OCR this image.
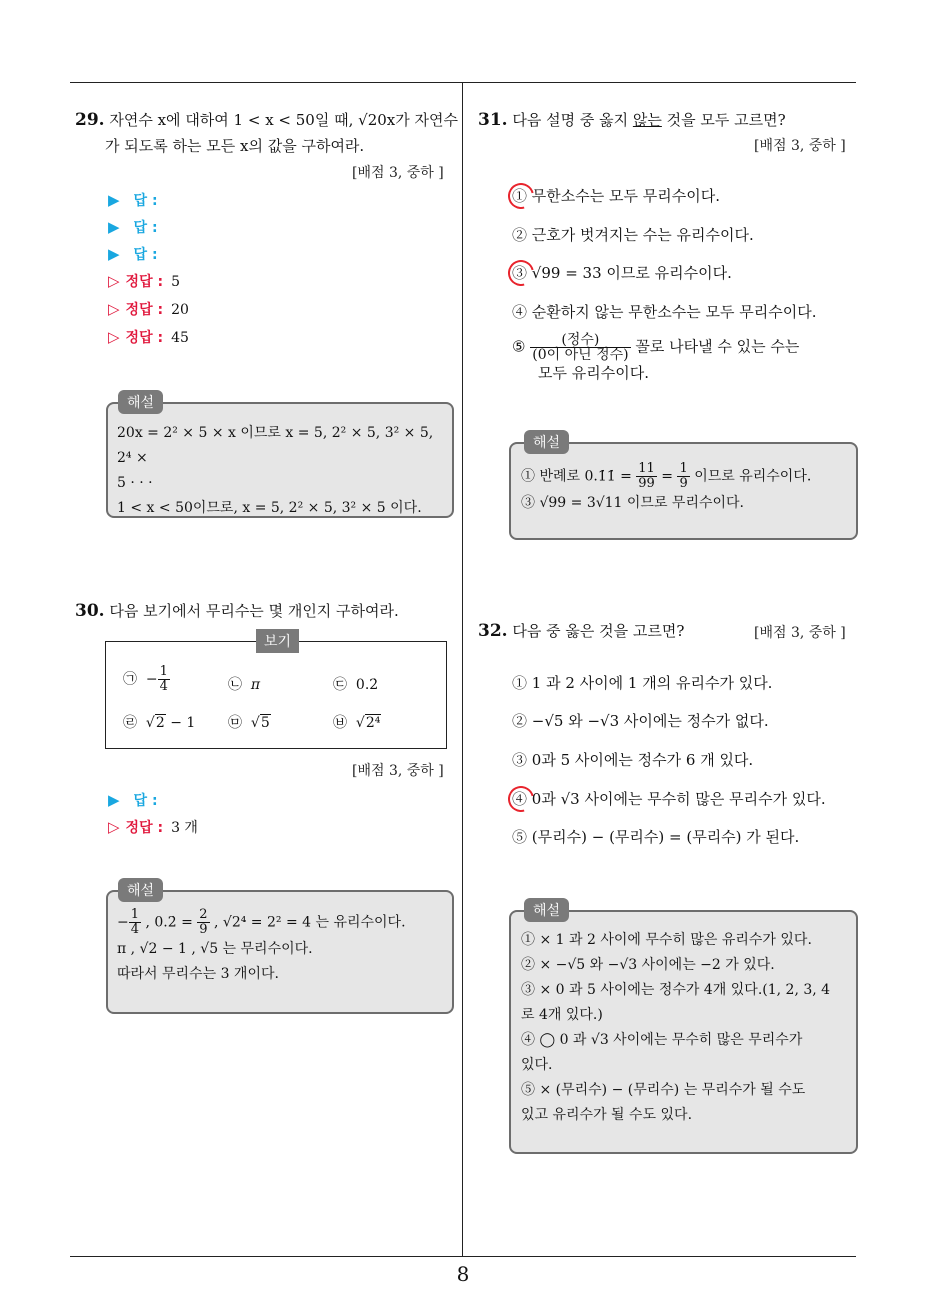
29. 자연수 x에 대하여 1 < x < 50일 때, √20x가 자연수
가 되도록 하는 모든 x의 값을 구하여라.
[배점 3, 중하 ]
▶ 답 :
▶ 답 :
▶ 답 :
▷ 정답 : 5
▷ 정답 : 20
▷ 정답 : 45
해설
20x = 2² × 5 × x 이므로 x = 5, 2² × 5, 3² × 5, 2⁴ ×
5 · · ·
1 < x < 50이므로, x = 5, 2² × 5, 3² × 5 이다.
30. 다음 보기에서 무리수는 몇 개인지 구하여라.
보기
㉠ − $\frac{1}{4}$	㉡ π	㉢ 0.2̇
㉣  √2 − 1 ㉤  √5	㉥  √2⁴
[배점 3, 중하 ]
▶ 답 :
▷ 정답 : 3 개
해설
− $\frac{1}{4}$ , 0.2̇ = $\frac{2}{9}$ , √2⁴ = 2² = 4 는 유리수이다.
π , √2 − 1 , √5 는 무리수이다.
따라서 무리수는 3 개이다.
31. 다음 설명 중 옳지 않는 것을 모두 고르면?
[배점 3, 중하 ]
① 무한소수는 모두 무리수이다.
② 근호가 벗겨지는 수는 유리수이다.
③ √99 = 33 이므로 유리수이다.
④ 순환하지 않는 무한소수는 모두 무리수이다.
⑤ $\frac{\text{(정수)}}{\text{(0이 아닌 정수)}}$ 꼴로 나타낼 수 있는 수는
모두 유리수이다.
해설
① 반례로 0.1̇1̇ = $\frac{11}{99} = \frac{1}{9}$ 이므로 유리수이다.
③ √99 = 3√11 이므로 무리수이다.
32. 다음 중 옳은 것을 고르면?	[배점 3, 중하 ]
① 1 과 2 사이에 1 개의 유리수가 있다.
② −√5 와 −√3 사이에는 정수가 없다.
③ 0과 5 사이에는 정수가 6 개 있다.
④ 0과 √3 사이에는 무수히 많은 무리수가 있다.
⑤ (무리수) − (무리수) = (무리수) 가 된다.
해설
① × 1 과 2 사이에 무수히 많은 유리수가 있다.
② × −√5 와 −√3 사이에는 −2 가 있다.
③ × 0 과 5 사이에는 정수가 4개 있다.(1, 2, 3, 4
로 4개 있다.)
④ ◯ 0 과 √3 사이에는 무수히 많은 무리수가
있다.
⑤ × (무리수) − (무리수) 는 무리수가 될 수도
있고 유리수가 될 수도 있다.
8
